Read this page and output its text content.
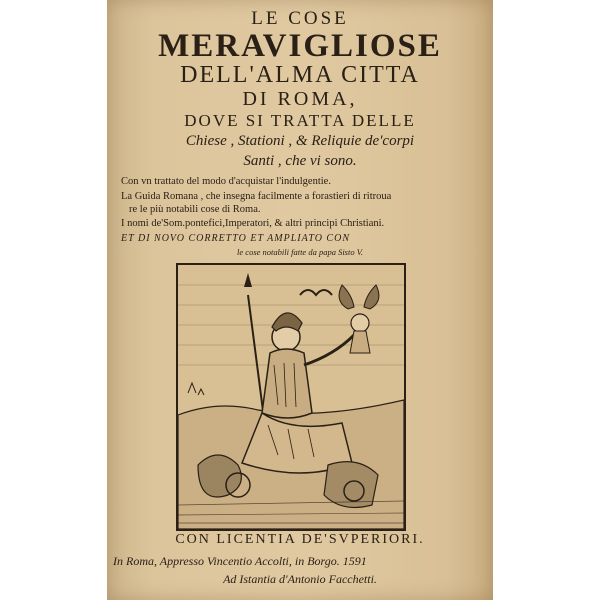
LE COSE
MERAVIGLIOSE
DELL'ALMA CITTA
DI ROMA,
DOVE SI TRATTA DELLE
Chiese , Stationi , & Reliquie de'corpi
Santi , che vi sono.
Con vn trattato del modo d'acquistar l'indulgentie.
La Guida Romana , che insegna facilmente a forastieri di ritroua
re le più notabili cose di Roma.
I nomi de'Som.pontefici,Imperatori, & altri principi Christiani.
ET DI NOVO CORRETTO ET AMPLIATO CON
le cose notabili fatte da papa Sisto V.
CON LICENTIA DE'SVPERIORI.
In Roma, Appresso Vincentio Accolti, in Borgo. 1591
Ad Istantia d'Antonio Facchetti.
